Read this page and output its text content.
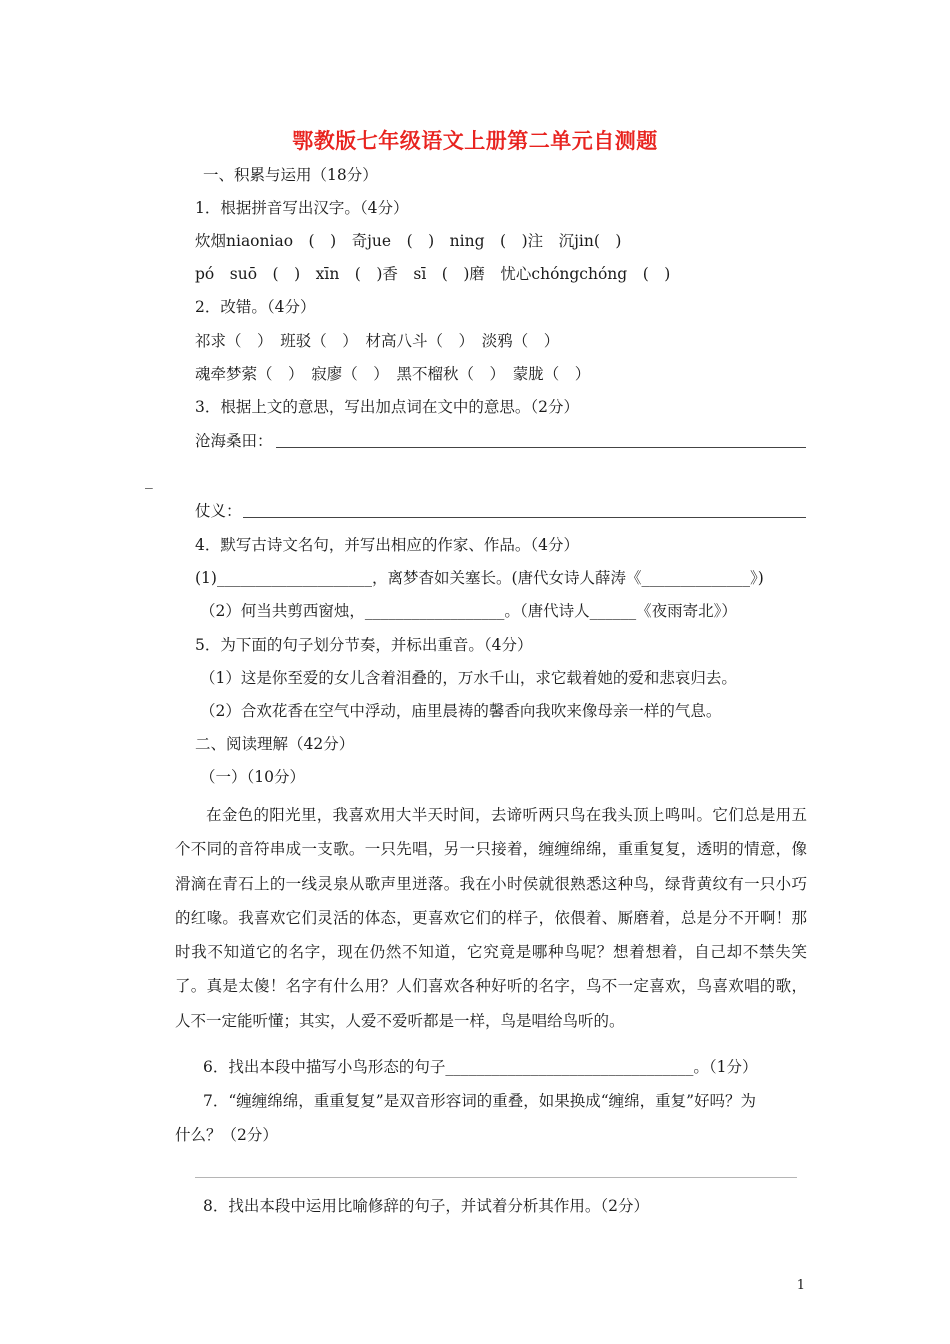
鄂教版七年级语文上册第二单元自测题
一、积累与运用（18分）
1．根据拼音写出汉字。（4分）
炊烟niaoniao　(　)　奇jue　(　)　ning　(　)注　沉jin(　)
pó　suō　(　)　xīn　(　)香　sī　(　)磨　忧心chóngchóng　(　)
2．改错。（4分）
祁求（　）　班驳（　）　材高八斗（　）　淡鸦（　）
魂牵梦萦（　）　寂廖（　）　黑不榴秋（　）　蒙胧（　）
3．根据上文的意思，写出加点词在文中的意思。（2分）
沧海桑田：
_
仗义：
4．默写古诗文名句，并写出相应的作家、作品。（4分）
(1)____________________，离梦杳如关塞长。(唐代女诗人薛涛《______________》)
（2）何当共剪西窗烛，__________________。（唐代诗人______《夜雨寄北》）
5．为下面的句子划分节奏，并标出重音。（4分）
（1）这是你至爱的女儿含着泪叠的，万水千山，求它载着她的爱和悲哀归去。
（2）合欢花香在空气中浮动，庙里晨祷的馨香向我吹来像母亲一样的气息。
二、阅读理解（42分）
（一）（10分）
在金色的阳光里，我喜欢用大半天时间，去谛听两只鸟在我头顶上鸣叫。它们总是用五个不同的音符串成一支歌。一只先唱，另一只接着，缠缠绵绵，重重复复，透明的情意，像滑滴在青石上的一线灵泉从歌声里迸落。我在小时侯就很熟悉这种鸟，绿背黄纹有一只小巧的红喙。我喜欢它们灵活的体态，更喜欢它们的样子，依偎着、厮磨着，总是分不开啊！那时我不知道它的名字，现在仍然不知道，它究竟是哪种鸟呢？想着想着，自己却不禁失笑了。真是太傻！名字有什么用？人们喜欢各种好听的名字，鸟不一定喜欢，鸟喜欢唱的歌，人不一定能听懂；其实，人爱不爱听都是一样，鸟是唱给鸟听的。
6．找出本段中描写小鸟形态的句子________________________________。（1分）
7．“缠缠绵绵，重重复复”是双音形容词的重叠，如果换成“缠绵，重复”好吗？为
什么？（2分）
8．找出本段中运用比喻修辞的句子，并试着分析其作用。（2分）
1
